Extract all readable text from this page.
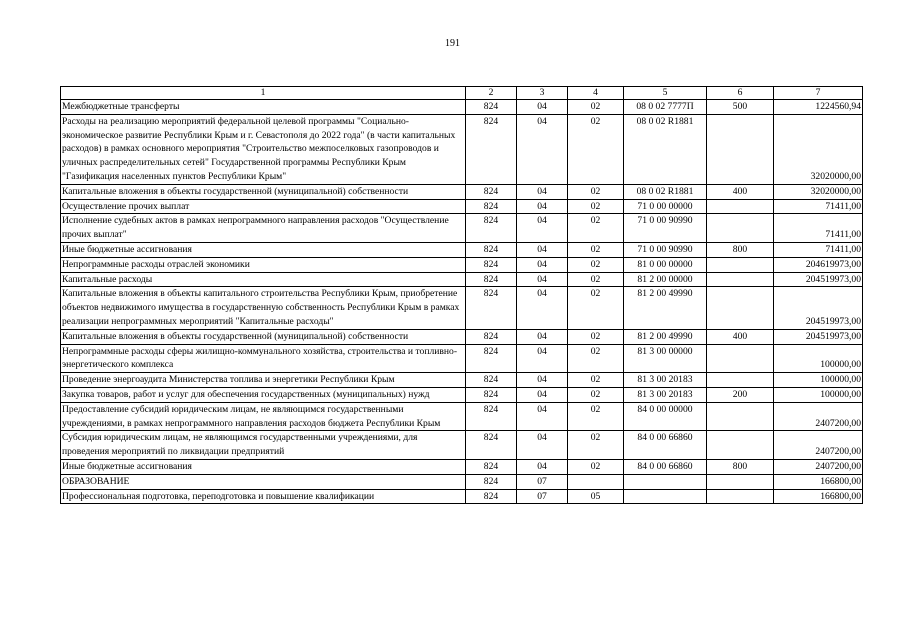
191
1	2	3	4	5	6	7
Межбюджетные трансферты	824	04	02	08 0 02 7777П	500	1224560,94
Расходы на реализацию мероприятий федеральной целевой программы "Социально-экономическое развитие Республики Крым и г. Севастополя до 2022 года" (в части капитальных расходов) в рамках основного мероприятия "Строительство межпоселковых газопроводов и уличных распределительных сетей" Государственной программы Республики Крым "Газификация населенных пунктов Республики Крым"	824	04	02	08 0 02 R1881		32020000,00
Капитальные вложения в объекты государственной (муниципальной) собственности	824	04	02	08 0 02 R1881	400	32020000,00
Осуществление прочих выплат	824	04	02	71 0 00 00000		71411,00
Исполнение судебных актов в рамках непрограммного направления расходов "Осуществление прочих выплат"	824	04	02	71 0 00 90990		71411,00
Иные бюджетные ассигнования	824	04	02	71 0 00 90990	800	71411,00
Непрограммные расходы отраслей экономики	824	04	02	81 0 00 00000		204619973,00
Капитальные расходы	824	04	02	81 2 00 00000		204519973,00
Капитальные вложения в объекты капитального строительства Республики Крым, приобретение объектов недвижимого имущества в государственную собственность Республики Крым в рамках реализации непрограммных мероприятий "Капитальные расходы"	824	04	02	81 2 00 49990		204519973,00
Капитальные вложения в объекты государственной (муниципальной) собственности	824	04	02	81 2 00 49990	400	204519973,00
Непрограммные расходы сферы жилищно-коммунального хозяйства, строительства и топливно-энергетического комплекса	824	04	02	81 3 00 00000		100000,00
Проведение энергоаудита Министерства топлива и энергетики Республики Крым	824	04	02	81 3 00 20183		100000,00
Закупка товаров, работ и услуг для обеспечения государственных (муниципальных) нужд	824	04	02	81 3 00 20183	200	100000,00
Предоставление субсидий юридическим лицам, не являющимся государственными учреждениями, в рамках непрограммного направления расходов бюджета Республики Крым	824	04	02	84 0 00 00000		2407200,00
Субсидия юридическим лицам, не являющимся государственными учреждениями, для проведения мероприятий по ликвидации предприятий	824	04	02	84 0 00 66860		2407200,00
Иные бюджетные ассигнования	824	04	02	84 0 00 66860	800	2407200,00
ОБРАЗОВАНИЕ	824	07				166800,00
Профессиональная подготовка, переподготовка и повышение квалификации	824	07	05			166800,00
